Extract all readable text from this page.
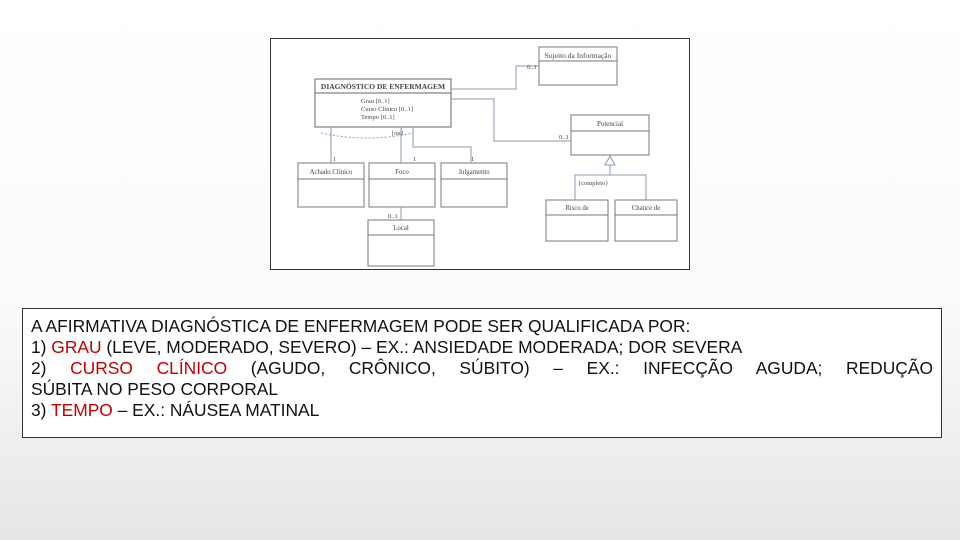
Sujeito da Informação
DIAGNÓSTICO DE ENFERMAGEM
Grau [0..1]
Curso Clínico [0..1]
Tempo [0..1]
Potencial
Achado Clínico	Foco	Julgamento
Local
Risco de	Chance de
0..1
0..1
{ou}
1	1	1
0..1
{completo}
A AFIRMATIVA DIAGNÓSTICA DE ENFERMAGEM PODE SER QUALIFICADA POR:
1) GRAU (LEVE, MODERADO, SEVERO) – EX.: ANSIEDADE MODERADA; DOR SEVERA
2) CURSO CLÍNICO (AGUDO, CRÔNICO, SÚBITO) – EX.: INFECÇÃO AGUDA; REDUÇÃO
SÚBITA NO PESO CORPORAL
3) TEMPO – EX.: NÁUSEA MATINAL
